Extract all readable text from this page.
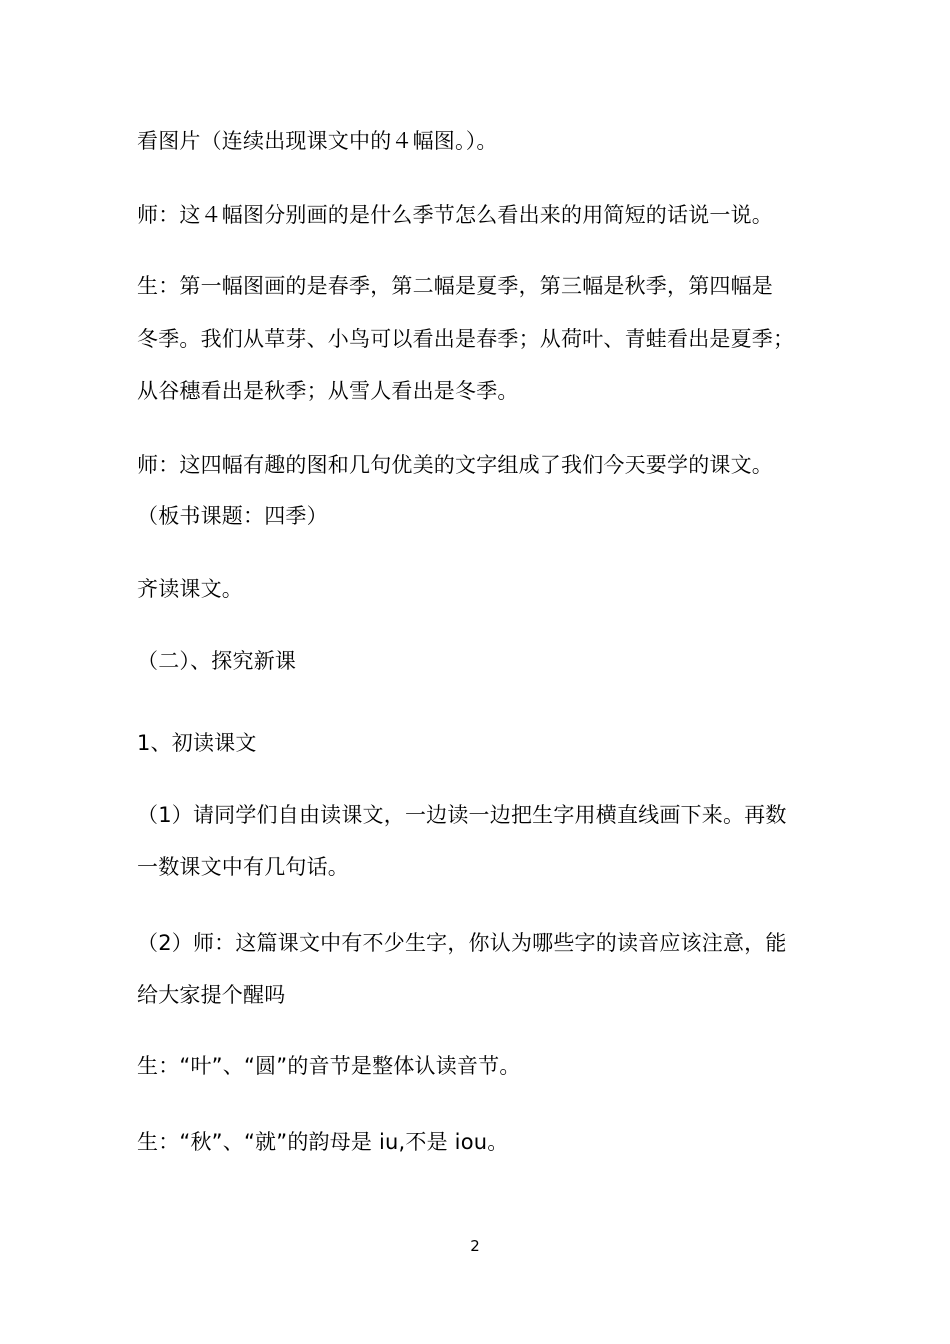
看图片（连续出现课文中的４幅图。）。
师：这４幅图分别画的是什么季节怎么看出来的用简短的话说一说。
生：第一幅图画的是春季，第二幅是夏季，第三幅是秋季，第四幅是
冬季。我们从草芽、小鸟可以看出是春季；从荷叶、青蛙看出是夏季；
从谷穗看出是秋季；从雪人看出是冬季。
师：这四幅有趣的图和几句优美的文字组成了我们今天要学的课文。
（板书课题：四季）
齐读课文。
（二）、探究新课
1、初读课文
（1）请同学们自由读课文，一边读一边把生字用横直线画下来。再数
一数课文中有几句话。
（2）师：这篇课文中有不少生字，你认为哪些字的读音应该注意，能
给大家提个醒吗
生：“叶”、“圆”的音节是整体认读音节。
生：“秋”、“就”的韵母是 iu,不是 iou。
2
